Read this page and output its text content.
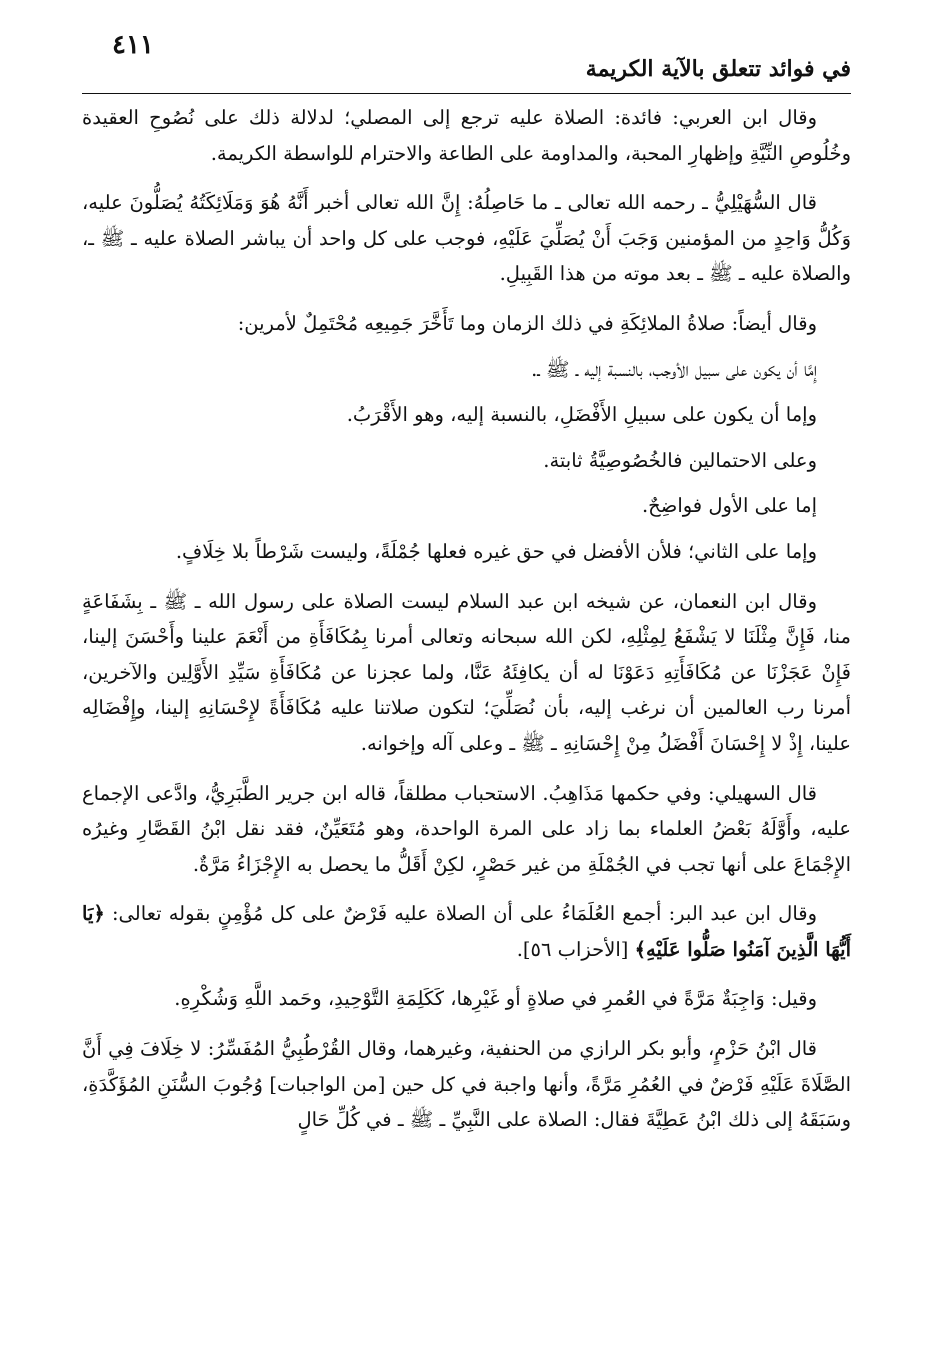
٤١١
في فوائد تتعلق بالآية الكريمة

وقال ابن العربي: فائدة: الصلاة عليه ترجع إلى المصلي؛ لدلالة ذلك على نُصُوحِ العقيدة وخُلُوصِ النِّيَّةِ وإظهارِ المحبة، والمداومة على الطاعة والاحترام للواسطة الكريمة.

قال السُّهَيْلِيُّ ـ رحمه الله تعالى ـ ما حَاصِلُهُ: إِنَّ الله تعالى أخبر أَنَّهُ هُوَ وَمَلَائِكَتُهُ يُصَلُّونَ عليه، وَكُلُّ وَاحِدٍ من المؤمنين وَجَبَ أَنْ يُصَلِّيَ عَلَيْهِ، فوجب على كل واحد أن يباشر الصلاة عليه ـ ﷺ ـ، والصلاة عليه ـ ﷺ ـ بعد موته من هذا القَبِيلِ.

وقال أيضاً: صلاةُ الملائِكَةِ في ذلك الزمان وما تَأَخَّرَ جَمِيعِه مُحْتَمِلٌ لأمرين:

إِمَّا أن يكون على سبيل الأوجب، بالنسبة إليه ـ ﷺ ـ.

وإما أن يكون على سبيلِ الأَفْضَلِ، بالنسبة إليه، وهو الأَقْرَبُ.

وعلى الاحتمالين فالخُصُوصِيَّةُ ثابتة.

إما على الأول فواضِحٌ.

وإما على الثاني؛ فلأن الأفضل في حق غيره فعلها جُمْلَةً، وليست شَرْطاً بلا خِلَافٍ.

وقال ابن النعمان، عن شيخه ابن عبد السلام ليست الصلاة على رسول الله ـ ﷺ ـ بِشَفَاعَةٍ منا، فَإِنَّ مِثْلَنَا لا يَشْفَعُ لِمِثْلِهِ، لكن الله سبحانه وتعالى أمرنا بِمُكَافَأَةِ من أَنْعَمَ علينا وأَحْسَنَ إلينا، فَإِنْ عَجَزْنَا عن مُكَافَأَتِهِ دَعَوْنَا له أن يكافِئَهُ عَنَّا، ولما عجزنا عن مُكَافَأَةِ سَيِّدِ الأَوَّلِين والآخرين، أمرنا رب العالمين أن نرغب إليه، بأن نُصَلِّيَ؛ لتكون صلاتنا عليه مُكَافَأَةً لإِحْسَانِهِ إلينا، وإِفْضَالِه علينا، إِذْ لا إِحْسَانَ أَفْضَلُ مِنْ إِحْسَانِهِ ـ ﷺ ـ وعلى آله وإخوانه.

قال السهيلي: وفي حكمها مَذَاهِبُ. الاستحباب مطلقاً، قاله ابن جرير الطَّبَرِيُّ، وادَّعى الإجماع عليه، وأَوَّلَهُ بَعْضُ العلماء بما زاد على المرة الواحدة، وهو مُتَعَيِّنٌ، فقد نقل ابْنُ القَصَّارِ وغيرُه الإِجْمَاعَ على أنها تجب في الجُمْلَةِ من غير حَصْرٍ، لكِنْ أَقَلُّ ما يحصل به الإِجْزَاءُ مَرَّةٌ.

وقال ابن عبد البر: أجمع العُلَمَاءُ على أن الصلاة عليه فَرْضٌ على كل مُؤْمِنٍ بقوله تعالى: ﴿يَا أَيُّهَا الَّذِينَ آمَنُوا صَلُّوا عَلَيْهِ﴾ [الأحزاب ٥٦].

وقيل: وَاجِبَةٌ مَرَّةً في العُمرِ في صلاةٍ أو غَيْرِها، كَكَلِمَةِ التَّوْحِيدِ، وحَمد اللَّهِ وَشُكْرِهِ.

قال ابْنُ حَزْمٍ، وأبو بكر الرازي من الحنفية، وغيرهما، وقال القُرْطُبِيُّ المُفَسِّرُ: لا خِلَافَ فِي أَنَّ الصَّلَاةَ عَلَيْهِ فَرْضٌ في العُمُرِ مَرَّةً، وأنها واجبة في كل حين [من الواجبات] وُجُوبَ السُّنَنِ المُؤَكَّدَةِ، وسَبَقَهُ إلى ذلك ابْنُ عَطِيَّةَ فقال: الصلاة على النَّبِيِّ ـ ﷺ ـ في كُلِّ حَالٍ
